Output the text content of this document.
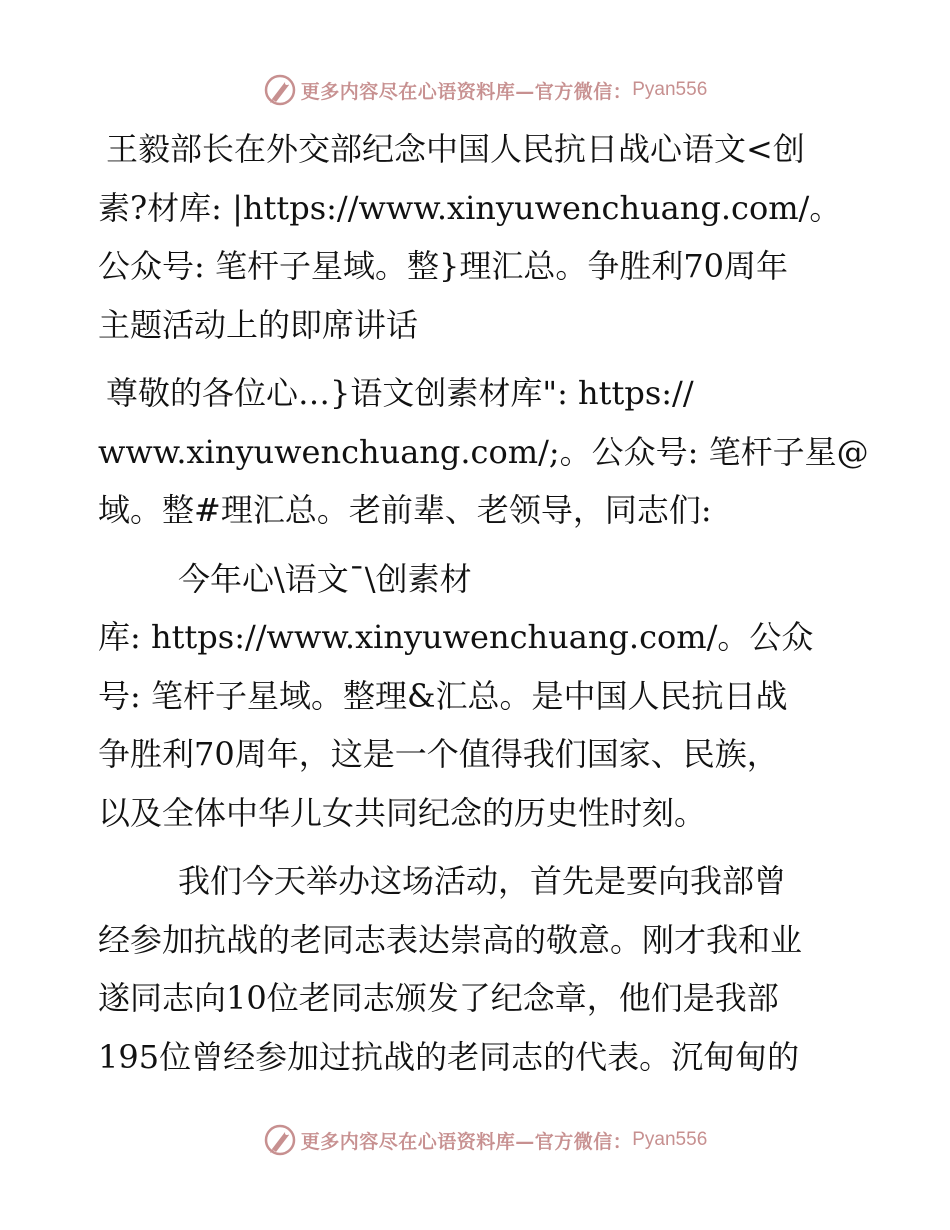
更多内容尽在心语资料库—官方微信： Pyan556

王毅部长在外交部纪念中国人民抗日战心语文<创
素?材库: |https://www.xinyuwenchuang.com/。
公众号: 笔杆子星域。整}理汇总。争胜利70周年
主题活动上的即席讲话

尊敬的各位心…}语文创素材库": https://
www.xinyuwenchuang.com/;。公众号: 笔杆子星@
域。整#理汇总。老前辈、老领导，同志们:

今年心\语文¯\创素材
库: https://www.xinyuwenchuang.com/。公众
号: 笔杆子星域。整理&汇总。是中国人民抗日战
争胜利70周年，这是一个值得我们国家、民族，
以及全体中华儿女共同纪念的历史性时刻。

我们今天举办这场活动，首先是要向我部曾
经参加抗战的老同志表达崇高的敬意。刚才我和业
遂同志向10位老同志颁发了纪念章，他们是我部
195位曾经参加过抗战的老同志的代表。沉甸甸的

更多内容尽在心语资料库—官方微信： Pyan556
